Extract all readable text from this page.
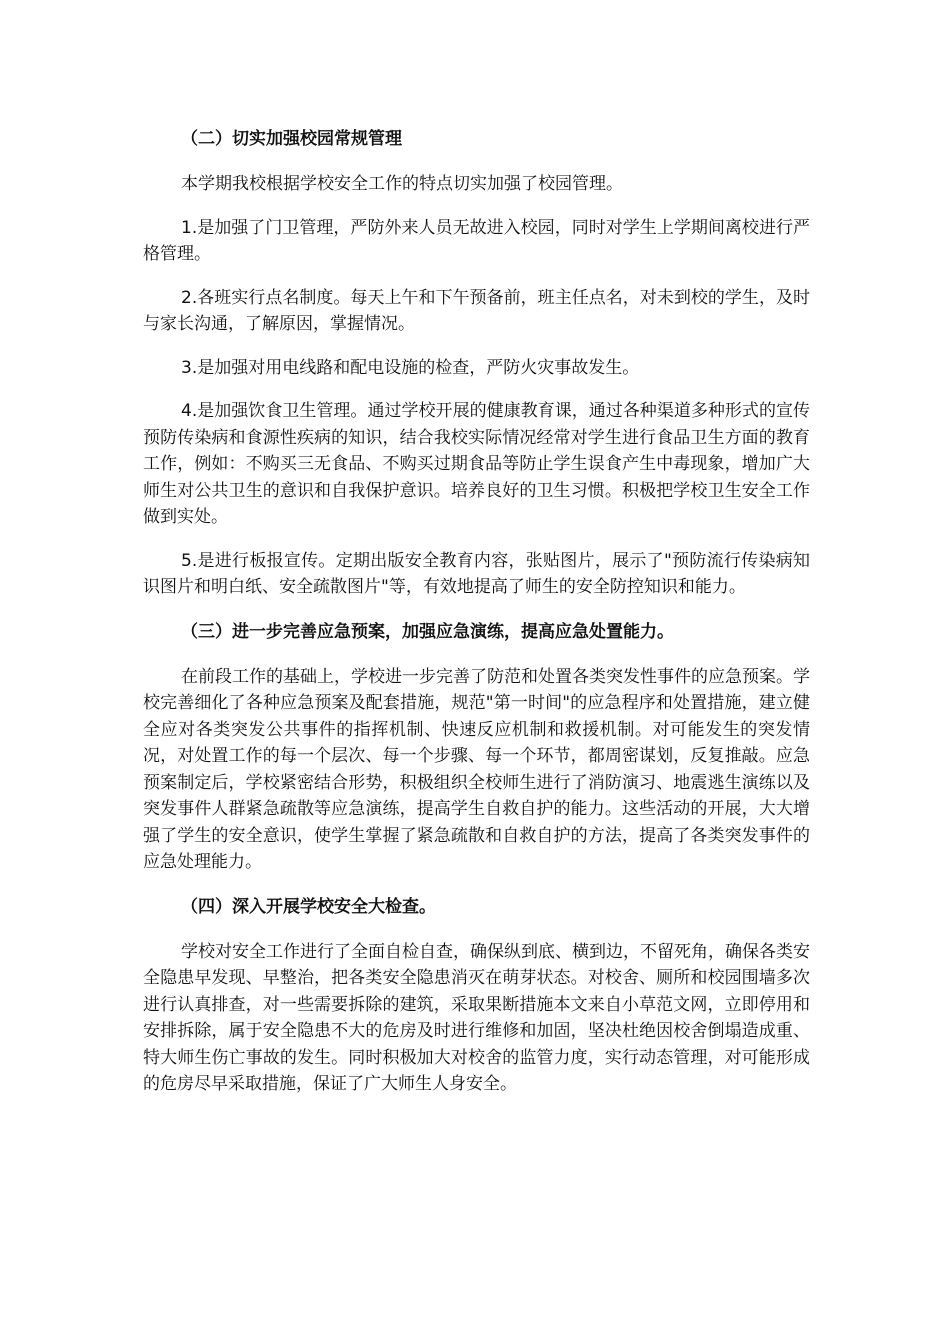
（二）切实加强校园常规管理

本学期我校根据学校安全工作的特点切实加强了校园管理。

1.是加强了门卫管理，严防外来人员无故进入校园，同时对学生上学期间离校进行严格管理。

2.各班实行点名制度。每天上午和下午预备前，班主任点名，对未到校的学生，及时与家长沟通，了解原因，掌握情况。

3.是加强对用电线路和配电设施的检查，严防火灾事故发生。

4.是加强饮食卫生管理。通过学校开展的健康教育课，通过各种渠道多种形式的宣传预防传染病和食源性疾病的知识，结合我校实际情况经常对学生进行食品卫生方面的教育工作，例如：不购买三无食品、不购买过期食品等防止学生误食产生中毒现象，增加广大师生对公共卫生的意识和自我保护意识。培养良好的卫生习惯。积极把学校卫生安全工作做到实处。

5.是进行板报宣传。定期出版安全教育内容，张贴图片，展示了"预防流行传染病知识图片和明白纸、安全疏散图片"等，有效地提高了师生的安全防控知识和能力。

（三）进一步完善应急预案，加强应急演练，提高应急处置能力。

在前段工作的基础上，学校进一步完善了防范和处置各类突发性事件的应急预案。学校完善细化了各种应急预案及配套措施，规范"第一时间"的应急程序和处置措施，建立健全应对各类突发公共事件的指挥机制、快速反应机制和救援机制。对可能发生的突发情况，对处置工作的每一个层次、每一个步骤、每一个环节，都周密谋划，反复推敲。应急预案制定后，学校紧密结合形势，积极组织全校师生进行了消防演习、地震逃生演练以及突发事件人群紧急疏散等应急演练，提高学生自救自护的能力。这些活动的开展，大大增强了学生的安全意识，使学生掌握了紧急疏散和自救自护的方法，提高了各类突发事件的应急处理能力。

（四）深入开展学校安全大检查。

学校对安全工作进行了全面自检自查，确保纵到底、横到边，不留死角，确保各类安全隐患早发现、早整治，把各类安全隐患消灭在萌芽状态。对校舍、厕所和校园围墙多次进行认真排查，对一些需要拆除的建筑，采取果断措施本文来自小草范文网，立即停用和安排拆除，属于安全隐患不大的危房及时进行维修和加固，坚决杜绝因校舍倒塌造成重、特大师生伤亡事故的发生。同时积极加大对校舍的监管力度，实行动态管理，对可能形成的危房尽早采取措施，保证了广大师生人身安全。
